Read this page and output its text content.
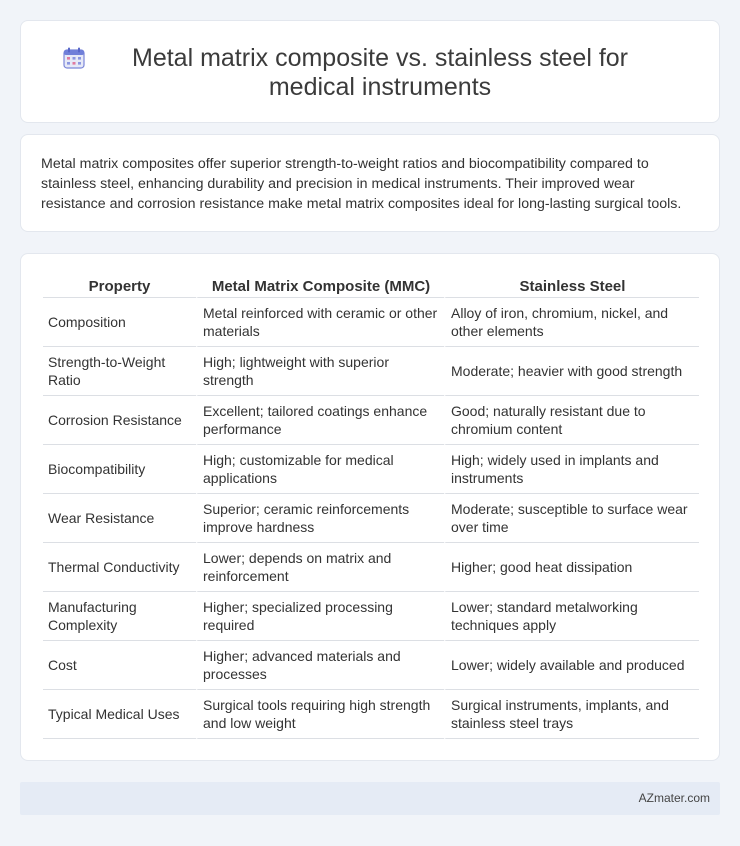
Metal matrix composite vs. stainless steel for medical instruments

Metal matrix composites offer superior strength-to-weight ratios and biocompatibility compared to stainless steel, enhancing durability and precision in medical instruments. Their improved wear resistance and corrosion resistance make metal matrix composites ideal for long-lasting surgical tools.

Property	Metal Matrix Composite (MMC)	Stainless Steel
Composition	Metal reinforced with ceramic or other materials	Alloy of iron, chromium, nickel, and other elements
Strength-to-Weight Ratio	High; lightweight with superior strength	Moderate; heavier with good strength
Corrosion Resistance	Excellent; tailored coatings enhance performance	Good; naturally resistant due to chromium content
Biocompatibility	High; customizable for medical applications	High; widely used in implants and instruments
Wear Resistance	Superior; ceramic reinforcements improve hardness	Moderate; susceptible to surface wear over time
Thermal Conductivity	Lower; depends on matrix and reinforcement	Higher; good heat dissipation
Manufacturing Complexity	Higher; specialized processing required	Lower; standard metalworking techniques apply
Cost	Higher; advanced materials and processes	Lower; widely available and produced
Typical Medical Uses	Surgical tools requiring high strength and low weight	Surgical instruments, implants, and stainless steel trays
AZmater.com
